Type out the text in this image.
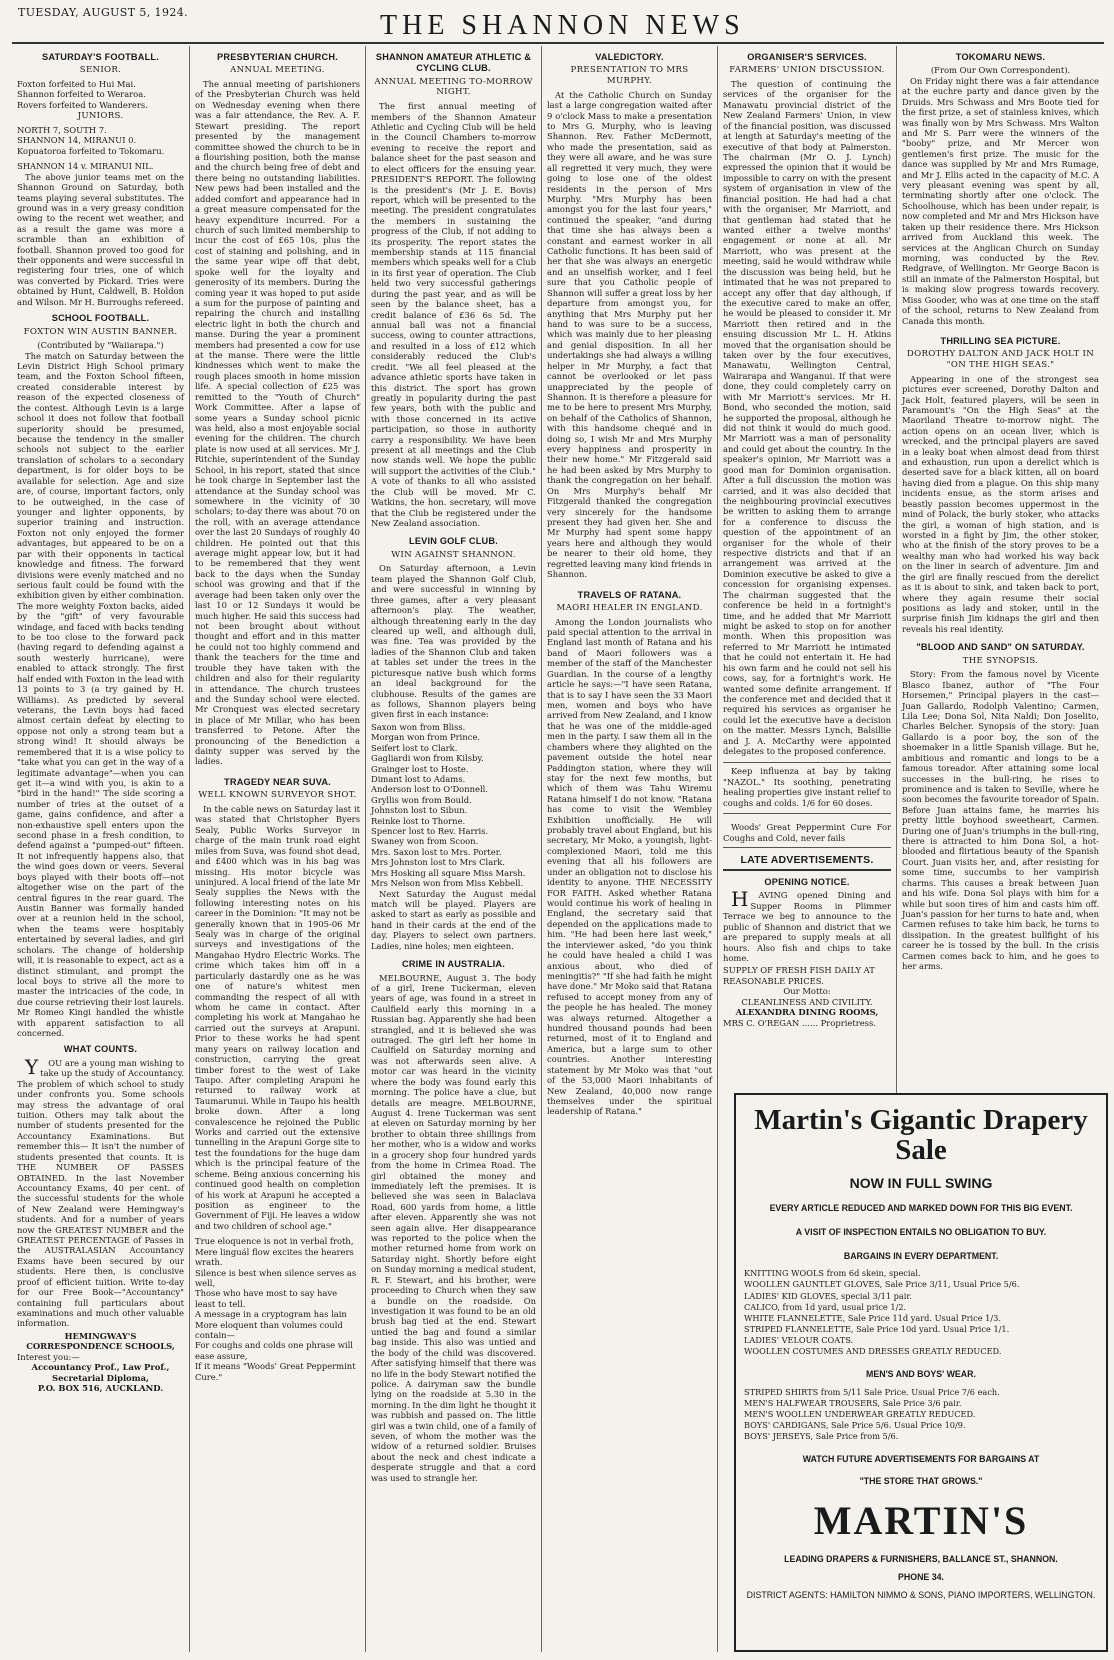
TUESDAY, AUGUST 5, 1924.	THE SHANNON NEWS
SATURDAY'S FOOTBALL.
SENIOR.
Foxton forfeited to Hui Mai.
Shannon forfeited to Weraroa.
Rovers forfeited to Wanderers.
JUNIORS.
NORTH 7, SOUTH 7.
SHANNON 14, MIRANUI 0.
Kopuatoroa forfeited to Tokomaru.
SHANNON 14 v. MIRANUI NIL.

The above junior teams met on the Shannon Ground on Saturday, both teams playing several substitutes. The ground was in a very greasy condition owing to the recent wet weather, and as a result the game was more a scramble than an exhibition of football. Shannon proved too good for their opponents and were successful in registering four tries, one of which was converted by Pickard. Tries were obtained by Hunt, Caldwell, B. Holdon and Wilson. Mr H. Burroughs refereed.

SCHOOL FOOTBALL.
FOXTON WIN AUSTIN BANNER.
(Contributed by "Waiiarapa.")

The match on Saturday between the Levin District High School primary team, and the Foxton School fifteen, created considerable interest by reason of the expected closeness of the contest. Although Levin is a large school it does not follow that football superiority should be presumed, because the tendency in the smaller schools not subject to the earlier translation of scholars to a secondary department, is for older boys to be available for selection. Age and size are, of course, important factors, only to be outweighed, in the case of younger and lighter opponents, by superior training and instruction. Foxton not only enjoyed the former advantages, but appeared to be on a par with their opponents in tactical knowledge and fitness. The forward divisions were evenly matched and no serious fault could be found with the exhibition given by either combination. The more weighty Foxton backs, aided by the "gift" of very favourable windage, and faced with backs tending to be too close to the forward pack (having regard to defending against a south westerly hurricane), were enabled to attack strongly. The first half ended with Foxton in the lead with 13 points to 3 (a try gained by H. Williams). As predicted by several veterans, the Levin boys had faced almost certain defeat by electing to oppose not only a strong team but a strong wind! It should always be remembered that it is a wise policy to "take what you can get in the way of a legitimate advantage"—when you can get it—a wind with you, is akin to a "bird in the hand!" The side scoring a number of tries at the outset of a game, gains confidence, and after a non-exhaustive spell enters upon the second phase in a fresh condition, to defend against a "pumped-out" fifteen. It not infrequently happens also, that the wind goes down or veers. Several boys played with their boots off—not altogether wise on the part of the central figures in the rear guard. The Austin Banner was formally handed over at a reunion held in the school, when the teams were hospitably entertained by several ladies, and girl scholars. The change of holdership will, it is reasonable to expect, act as a distinct stimulant, and prompt the local boys to strive all the more to master the intricacies of the code, in due course retrieving their lost laurels. Mr Romeo Kingi handled the whistle with apparent satisfaction to all concerned.

WHAT COUNTS.

YOU are a young man wishing to take up the study of Accountancy. The problem of which school to study under confronts you. Some schools may stress the advantage of oral tuition. Others may talk about the number of students presented for the Accountancy Examinations. But remember this— It isn't the number of students presented that counts. It is THE NUMBER OF PASSES OBTAINED. In the last November Accountancy Exams, 40 per cent. of the successful students for the whole of New Zealand were Hemingway's students. And for a number of years now the GREATEST NUMBER and the GREATEST PERCENTAGE of Passes in the AUSTRALASIAN Accountancy Exams have been secured by our students. Here then, is conclusive proof of efficient tuition. Write to-day for our Free Book—"Accountancy" containing full particulars about examinations and much other valuable information.

HEMINGWAY'S
CORRESPONDENCE SCHOOLS,
Interest you:—
Accountancy Prof., Law Prof.,
Secretarial Diploma,
P.O. BOX 516, AUCKLAND.
PRESBYTERIAN CHURCH.
ANNUAL MEETING.

The annual meeting of parishioners of the Presbyterian Church was held on Wednesday evening when there was a fair attendance, the Rev. A. F. Stewart presiding. The report presented by the management committee showed the church to be in a flourishing position, both the manse and the church being free of debt and there being no outstanding liabilities. New pews had been installed and the added comfort and appearance had in a great measure compensated for the heavy expenditure incurred. For a church of such limited membership to incur the cost of £65 10s, plus the cost of staining and polishing, and in the same year wipe off that debt, spoke well for the loyalty and generosity of its members. During the coming year it was hoped to put aside a sum for the purpose of painting and repairing the church and installing electric light in both the church and manse. During the year a prominent members had presented a cow for use at the manse. There were the little kindnesses which went to make the rough places smooth in home mission life. A special collection of £25 was remitted to the "Youth of Church" Work Committee. After a lapse of some years a Sunday school picnic was held, also a most enjoyable social evening for the children. The church plate is now used at all services. Mr J. Ritchie, superintendent of the Sunday School, in his report, stated that since he took charge in September last the attendance at the Sunday school was somewhere in the vicinity of 30 scholars; to-day there was about 70 on the roll, with an average attendance over the last 20 Sundays of roughly 40 children. He pointed out that this average might appear low, but it had to be remembered that they went back to the days when the Sunday school was growing and that if the average had been taken only over the last 10 or 12 Sundays it would be much higher. He said this success had not been brought about without thought and effort and in this matter he could not too highly commend and thank the teachers for the time and trouble they have taken with the children and also for their regularity in attendance. The church trustees and the Sunday school were elected. Mr Cronquest was elected secretary in place of Mr Millar, who has been transferred to Petone. After the pronouncing of the Benediction a dainty supper was served by the ladies.

TRAGEDY NEAR SUVA.
WELL KNOWN SURVEYOR SHOT.

In the cable news on Saturday last it was stated that Christopher Byers Sealy, Public Works Surveyor in charge of the main trunk road eight miles from Suva, was found shot dead, and £400 which was in his bag was missing. His motor bicycle was uninjured. A local friend of the late Mr Sealy supplies the News with the following interesting notes on his career in the Dominion: "It may not be generally known that in 1905-06 Mr Sealy was in charge of the original surveys and investigations of the Mangahao Hydro Electric Works. The crime which takes him off in a particularly dastardly one as he was one of nature's whitest men commanding the respect of all with whom he came in contact. After completing his work at Mangahao he carried out the surveys at Arapuni. Prior to these works he had spent many years on railway location and construction, carrying the great timber forest to the west of Lake Taupo. After completing Arapuni he returned to railway work at Taumarunui. While in Taupo his health broke down. After a long convalescence he rejoined the Public Works and carried out the extensive tunnelling in the Arapuni Gorge site to test the foundations for the huge dam which is the principal feature of the scheme. Being anxious concerning his continued good health on completion of his work at Arapuni he accepted a position as engineer to the Government of Fiji. He leaves a widow and two children of school age."

True eloquence is not in verbal froth,
Mere linguál flow excites the hearers wrath.
Silence is best when silence serves as well,
Those who have most to say have least to tell.
A message in a cryptogram has lain
More eloquent than volumes could contain—
For coughs and colds one phrase will ease assure,
If it means "Woods' Great Peppermint Cure."
SHANNON AMATEUR ATHLETIC & CYCLING CLUB.
ANNUAL MEETING TO-MORROW NIGHT.

The first annual meeting of members of the Shannon Amateur Athletic and Cycling Club will be held in the Council Chambers to-morrow evening to receive the report and balance sheet for the past season and to elect officers for the ensuing year. PRESIDENT'S REPORT. The following is the president's (Mr J. E. Bovis) report, which will be presented to the meeting. The president congratulates the members in sustaining the progress of the Club, if not adding to its prosperity. The report states the membership stands at 115 financial members which speaks well for a Club in its first year of operation. The Club held two very successful gatherings during the past year, and as will be seen by the balance sheet, has a credit balance of £36 6s 5d. The annual ball was not a financial success, owing to counter attractions, and resulted in a loss of £12 which considerably reduced the Club's credit. "We all feel pleased at the advance athletic sports have taken in this district. The sport has grown greatly in popularity during the past few years, both with the public and with those concerned in its active participation, so those in authority carry a responsibility. We have been present at all meetings and the Club now stands well. We hope the public will support the activities of the Club." A vote of thanks to all who assisted the Club will be moved. Mr C. Watkins, the hon. secretary, will move that the Club be registered under the New Zealand association.

LEVIN GOLF CLUB.
WIN AGAINST SHANNON.

On Saturday afternoon, a Levin team played the Shannon Golf Club, and were successful in winning by three games, after a very pleasant afternoon's play. The weather, although threatening early in the day cleared up well, and although dull, was fine. Tea was provided by the ladies of the Shannon Club and taken at tables set under the trees in the picturesque native bush which forms an ideal background for the clubhouse. Results of the games are as follows, Shannon players being given first in each instance:

Saxon won from Bliss.
Morgan won from Prince.
Seifert lost to Clark.
Gagliardi won from Kilsby.
Grainger lost to Hoste.
Dimant lost to Adams.
Anderson lost to O'Donnell.
Gryllis won from Bould.
Johnston lost to Sibun.
Reinke lost to Thorne.
Spencer lost to Rev. Harris.
Swaney won from Scoon.
Mrs. Saxon lost to Mrs. Porter.
Mrs Johnston lost to Mrs Clark.
Mrs Hosking all square Miss Marsh.
Mrs Nelson won from Miss Kebbell.

Next Saturday the August medal match will be played. Players are asked to start as early as possible and hand in their cards at the end of the day. Players to select own partners. Ladies, nine holes; men eighteen.

CRIME IN AUSTRALIA.

MELBOURNE, August 3. The body of a girl, Irene Tuckerman, eleven years of age, was found in a street in Caulfield early this morning in a Russian bag. Apparently she had been strangled, and it is believed she was outraged. The girl left her home in Caulfield on Saturday morning and was not afterwards seen alive. A motor car was heard in the vicinity where the body was found early this morning. The police have a clue, but details are meagre. MELBOURNE, August 4. Irene Tuckerman was sent at eleven on Saturday morning by her brother to obtain three shillings from her mother, who is a widow and works in a grocery shop four hundred yards from the home in Crimea Road. The girl obtained the money and immediately left the premises. It is believed she was seen in Balaclava Road, 600 yards from home, a little after eleven. Apparently she was not seen again alive. Her disappearance was reported to the police when the mother returned home from work on Saturday night. Shortly before eight on Sunday morning a medical student, R. F. Stewart, and his brother, were proceeding to Church when they saw a bundle on the roadside. On investigation it was found to be an old brush bag tied at the end. Stewart untied the bag and found a similar bag inside. This also was untied and the body of the child was discovered. After satisfying himself that there was no life in the body Stewart notified the police. A dairyman saw the bundle lying on the roadside at 5.30 in the morning. In the dim light he thought it was rubbish and passed on. The little girl was a twin child, one of a family of seven, of whom the mother was the widow of a returned soldier. Bruises about the neck and chest indicate a desperate struggle and that a cord was used to strangle her.

VALEDICTORY.
PRESENTATION TO MRS MURPHY.

At the Catholic Church on Sunday last a large congregation waited after 9 o'clock Mass to make a presentation to Mrs G. Murphy, who is leaving Shannon. Rev. Father McDermott, who made the presentation, said as they were all aware, and he was sure all regretted it very much, they were going to lose one of the oldest residents in the person of Mrs Murphy. "Mrs Murphy has been amongst you for the last four years," continued the speaker, "and during that time she has always been a constant and earnest worker in all Catholic functions. It has been said of her that she was always an energetic and an unselfish worker, and I feel sure that you Catholic people of Shannon will suffer a great loss by her departure from amongst you, for anything that Mrs Murphy put her hand to was sure to be a success, which was mainly due to her pleasing and genial disposition. In all her undertakings she had always a willing helper in Mr Murphy, a fact that cannot be overlooked or let pass unappreciated by the people of Shannon. It is therefore a pleasure for me to be here to present Mrs Murphy, on behalf of the Catholics of Shannon, with this handsome chequé and in doing so, I wish Mr and Mrs Murphy every happiness and prosperity in their new home." Mr Fitzgerald said he had been asked by Mrs Murphy to thank the congregation on her behalf. On Mrs Murphy's behalf Mr Fitzgerald thanked the congregation very sincerely for the handsome present they had given her. She and Mr Murphy had spent some happy years here and although they would be nearer to their old home, they regretted leaving many kind friends in Shannon.

TRAVELS OF RATANA.
MAORI HEALER IN ENGLAND.

Among the London journalists who paid special attention to the arrival in England last month of Ratana and his band of Maori followers was a member of the staff of the Manchester Guardian. In the course of a lengthy article he says:—"I have seen Ratana, that is to say I have seen the 33 Maori men, women and boys who have arrived from New Zealand, and I know that he was one of the middle-aged men in the party. I saw them all in the chambers where they alighted on the pavement outside the hotel near Paddington station, where they will stay for the next few months, but which of them was Tahu Wiremu Ratana himself I do not know. "Ratana has come to visit the Wembley Exhibition unofficially. He will probably travel about England, but his secretary, Mr Moko, a youngish, light-complexioned Maori, told me this evening that all his followers are under an obligation not to disclose his identity to anyone. THE NECESSITY FOR FAITH. Asked whether Ratana would continue his work of healing in England, the secretary said that depended on the applications made to him. "He had been here last week," the interviewer asked, "do you think he could have healed a child I was anxious about, who died of meningitis?" "If she had faith he might have done." Mr Moko said that Ratana refused to accept money from any of the people he has healed. The money was always returned. Altogether a hundred thousand pounds had been returned, most of it to England and America, but a large sum to other countries. Another interesting statement by Mr Moko was that "out of the 53,000 Maori inhabitants of New Zealand, 40,000 now range themselves under the spiritual leadership of Ratana."

ORGANISER'S SERVICES.
FARMERS' UNION DISCUSSION.

The question of continuing the services of the organiser for the Manawatu provincial district of the New Zealand Farmers' Union, in view of the financial position, was discussed at length at Saturday's meeting of the executive of that body at Palmerston. The chairman (Mr O. J. Lynch) expressed the opinion that it would be impossible to carry on with the present system of organisation in view of the financial position. He had had a chat with the organiser, Mr Marriott, and that gentleman had stated that he wanted either a twelve months' engagement or none at all. Mr Marriott, who was present at the meeting, said he would withdraw while the discussion was being held, but he intimated that he was not prepared to accept any offer that day although, if the executive cared to make an offer, he would be pleased to consider it. Mr Marriott then retired and in the ensuing discussion Mr L. H. Atkins moved that the organisation should be taken over by the four executives, Manawatu, Wellington Central, Wairarapa and Wanganui. If that were done, they could completely carry on with Mr Marriott's services. Mr H. Bond, who seconded the motion, said he supported the proposal, although he did not think it would do much good. Mr Marriott was a man of personality and could get about the country. In the speaker's opinion, Mr Marriott was a good man for Dominion organisation. After a full discussion the motion was carried, and it was also decided that the neighbouring provincial executives be written to asking them to arrange for a conference to discuss the question of the appointment of an organiser for the whole of their respective districts and that if an arrangement was arrived at the Dominion executive be asked to give a concession for organising expenses. The chairman suggested that the conference be held in a fortnight's time, and he added that Mr Marriott might be asked to stop on for another month. When this proposition was referred to Mr Marriott he intimated that he could not entertain it. He had his own farm and he could not sell his cows, say, for a fortnight's work. He wanted some definite arrangement. If the conference met and decided that it required his services as organiser he could let the executive have a decision on the matter. Messrs Lynch, Balsillie and J. A. McCarthy were appointed delegates to the proposed conference.

Keep influenza at bay by taking "NAZOL." Its soothing, penetrating healing properties give instant relief to coughs and colds. 1/6 for 60 doses.

Woods' Great Peppermint Cure For Coughs and Cold, never fails

LATE ADVERTISEMENTS.
OPENING NOTICE.

HAVING opened Dining and Supper Rooms in Plimmer Terrace we beg to announce to the public of Shannon and district that we are prepared to supply meals at all hours. Also fish and chips to take home.

SUPPLY OF FRESH FISH DAILY AT REASONABLE PRICES.
Our Motto:
CLEANLINESS AND CIVILITY.
ALEXANDRA DINING ROOMS,
MRS C. O'REGAN ...... Proprietress.
TOKOMARU NEWS.
(From Our Own Correspondent).

On Friday night there was a fair attendance at the euchre party and dance given by the Druids. Mrs Schwass and Mrs Boote tied for the first prize, a set of stainless knives, which was finally won by Mrs Schwass. Mrs Walton and Mr S. Parr were the winners of the "booby" prize, and Mr Mercer won gentlemen's first prize. The music for the dance was supplied by Mr and Mrs Rumage, and Mr J. Ellis acted in the capacity of M.C. A very pleasant evening was spent by all, terminating shortly after one o'clock. The Schoolhouse, which has been under repair, is now completed and Mr and Mrs Hickson have taken up their residence there. Mrs Hickson arrived from Auckland this week. The services at the Anglican Church on Sunday morning, was conducted by the Rev. Redgrave, of Wellington. Mr George Bacon is still an inmate of the Palmerston Hospital, but is making slow progress towards recovery. Miss Gooder, who was at one time on the staff of the school, returns to New Zealand from Canada this month.

THRILLING SEA PICTURE.
DOROTHY DALTON AND JACK HOLT IN "ON THE HIGH SEAS."

Appearing in one of the strongest sea pictures ever screened, Dorothy Dalton and Jack Holt, featured players, will be seen in Paramount's "On the High Seas" at the Maoriland Theatre to-morrow night. The action opens on an ocean liver, which is wrecked, and the principal players are saved in a leaky boat when almost dead from thirst and exhaustion, run upon a derelict which is deserted save for a black kitten, all on board having died from a plague. On this ship many incidents ensue, as the storm arises and beastly passion becomes uppermost in the mind of Polack, the burly stoker, who attacks the girl, a woman of high station, and is worsted in a fight by Jim, the other stoker, who at the finish of the story proves to be a wealthy man who had worked his way back on the liner in search of adventure. Jim and the girl are finally rescued from the derelict as it is about to sink, and taken back to port, where they again resume their social positions as lady and stoker, until in the surprise finish Jim kidnaps the girl and then reveals his real identity.

"BLOOD AND SAND" ON SATURDAY.
THE SYNOPSIS.

Story: From the famous novel by Vicente Blasco Ibanez, author of "The Four Horsemen," Principal players in the cast—Juan Gallardo, Rodolph Valentino; Carmen, Lila Lee; Dona Sol, Nita Naldi; Don Joselito, Charles Belcher. Synopsis of the story: Juan Gallardo is a poor boy, the son of the shoemaker in a little Spanish village. But he, ambitious and romantic and longs to be a famous toreador. After attaining some local successes in the bull-ring, he rises to prominence and is taken to Seville, where he soon becomes the favourite toreador of Spain. Before Juan attains fame, he marries his pretty little boyhood sweetheart, Carmen. During one of Juan's triumphs in the bull-ring, there is attracted to him Dona Sol, a hot-blooded and flirtatious beauty of the Spanish Court. Juan visits her, and, after resisting for some time, succumbs to her vampirish charms. This causes a break between Juan and his wife. Dona Sol plays with him for a while but soon tires of him and casts him off. Juan's passion for her turns to hate and, when Carmen refuses to take him back, he turns to dissipation. In the greatest bullfight of his career he is tossed by the bull. In the crisis Carmen comes back to him, and he goes to her arms.

Martin's Gigantic Drapery
Sale
NOW IN FULL SWING
EVERY ARTICLE REDUCED AND MARKED DOWN FOR THIS BIG EVENT.
A VISIT OF INSPECTION ENTAILS NO OBLIGATION TO BUY.
BARGAINS IN EVERY DEPARTMENT.
KNITTING WOOLS from 6d skein, special.
WOOLLEN GAUNTLET GLOVES, Sale Price 3/11, Usual Price 5/6.
LADIES' KID GLOVES, special 3/11 pair.
CALICO, from 1d yard, usual price 1/2.
WHITE FLANNELETTE, Sale Price 11d yard. Usual Price 1/3.
STRIPED FLANNELETTE, Sale Price 10d yard. Usual Price 1/1.
LADIES' VELOUR COATS.
WOOLLEN COSTUMES AND DRESSES GREATLY REDUCED.
MEN'S AND BOYS' WEAR.
STRIPED SHIRTS from 5/11 Sale Price. Usual Price 7/6 each.
MEN'S HALFWEAR TROUSERS, Sale Price 3/6 pair.
MEN'S WOOLLEN UNDERWEAR GREATLY REDUCED.
BOYS' CARDIGANS, Sale Price 5/6. Usual Price 10/9.
BOYS' JERSEYS, Sale Price from 5/6.
WATCH FUTURE ADVERTISEMENTS FOR BARGAINS AT
"THE STORE THAT GROWS."
MARTIN'S
LEADING DRAPERS & FURNISHERS, BALLANCE ST., SHANNON.
PHONE 34.
DISTRICT AGENTS: HAMILTON NIMMO & SONS, PIANO IMPORTERS, WELLINGTON.
